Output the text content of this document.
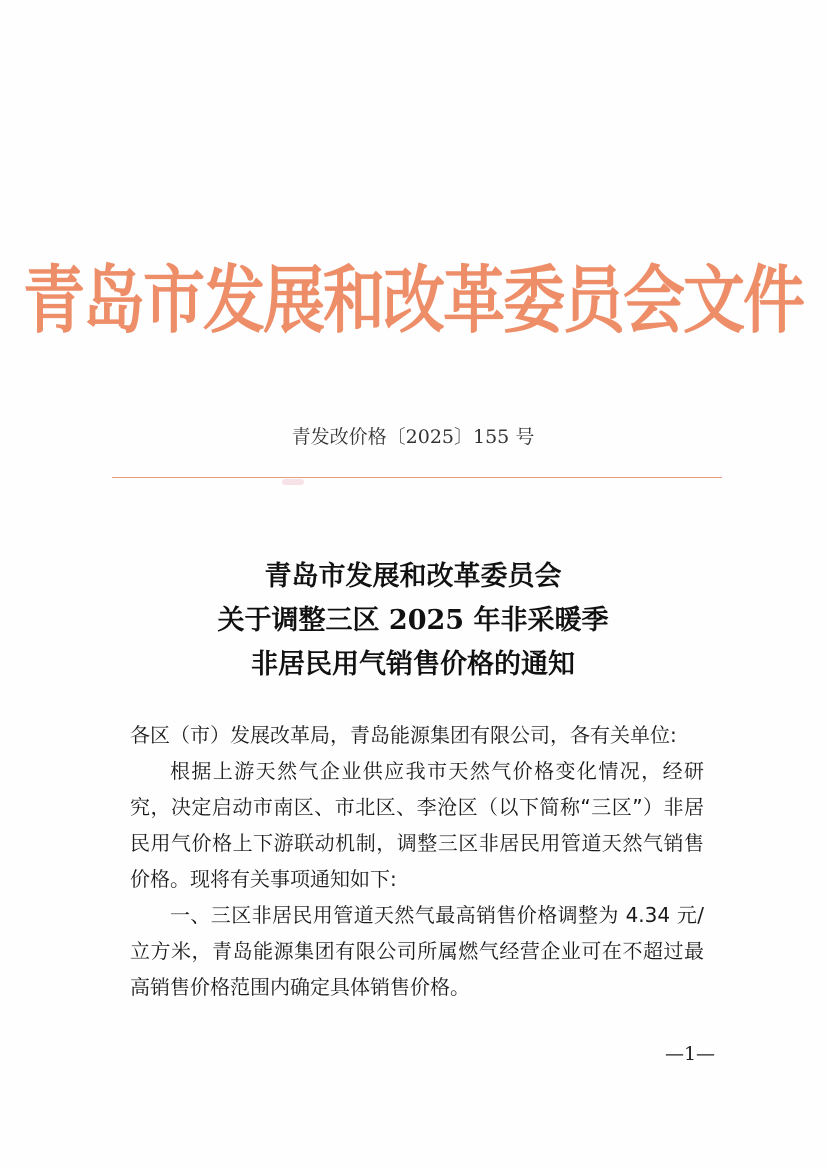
青岛市发展和改革委员会文件
青发改价格〔2025〕155 号
青岛市发展和改革委员会
关于调整三区 2025 年非采暖季
非居民用气销售价格的通知

各区（市）发展改革局，青岛能源集团有限公司，各有关单位:

根据上游天然气企业供应我市天然气价格变化情况，经研究，决定启动市南区、市北区、李沧区（以下简称“三区”）非居民用气价格上下游联动机制，调整三区非居民用管道天然气销售价格。现将有关事项通知如下:

一、三区非居民用管道天然气最高销售价格调整为 4.34 元/立方米，青岛能源集团有限公司所属燃气经营企业可在不超过最高销售价格范围内确定具体销售价格。

—1—
